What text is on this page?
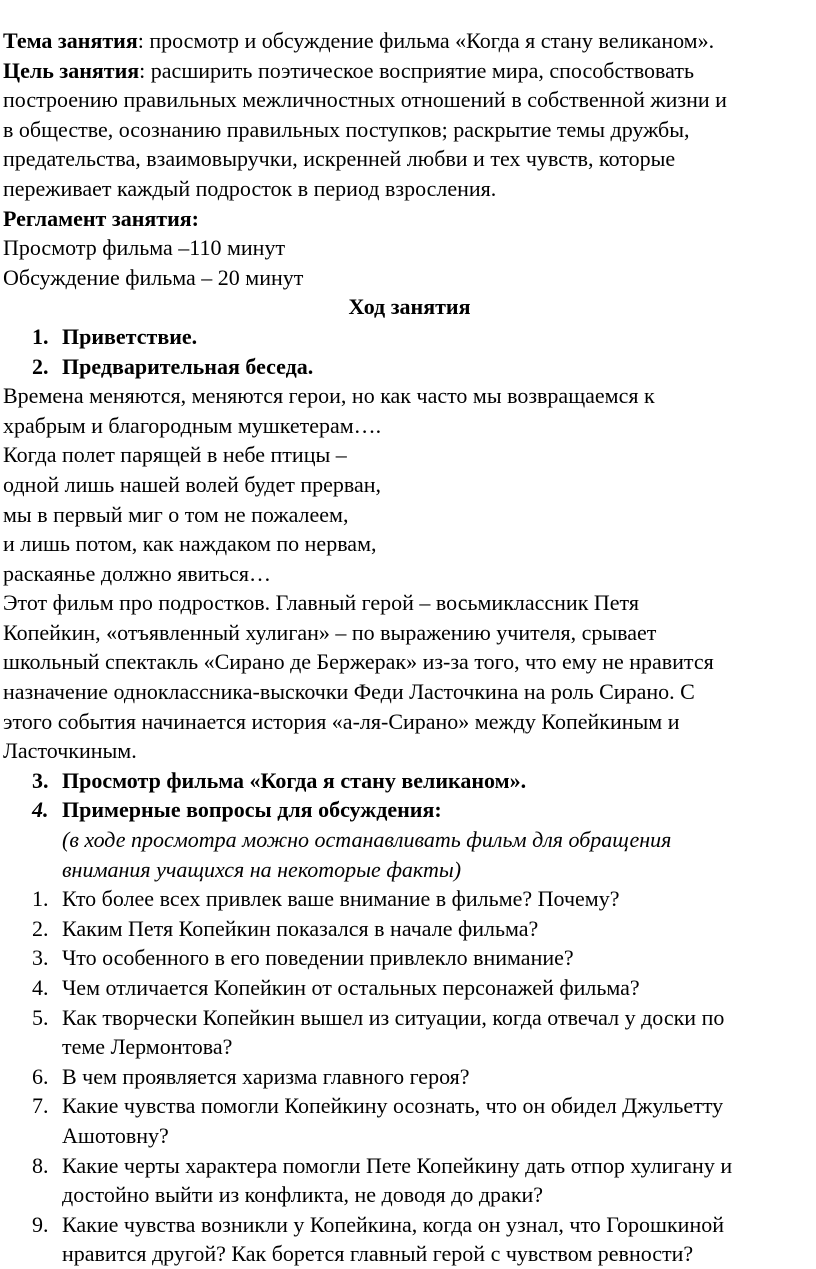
Тема занятия: просмотр и обсуждение фильма «Когда я стану великаном».
Цель занятия: расширить поэтическое восприятие мира, способствовать
построению правильных межличностных отношений в собственной жизни и
в обществе, осознанию правильных поступков; раскрытие темы дружбы,
предательства, взаимовыручки, искренней любви и тех чувств, которые
переживает каждый подросток в период взросления.
Регламент занятия:
Просмотр фильма –110 минут
Обсуждение фильма – 20 минут
Ход занятия
1. Приветствие.
2. Предварительная беседа.
Времена меняются, меняются герои, но как часто мы возвращаемся к
храбрым и благородным мушкетерам….
Когда полет парящей в небе птицы –
одной лишь нашей волей будет прерван,
мы в первый миг о том не пожалеем,
и лишь потом, как наждаком по нервам,
раскаянье должно явиться…
Этот фильм про подростков. Главный герой – восьмиклассник Петя
Копейкин, «отъявленный хулиган» – по выражению учителя, срывает
школьный спектакль «Сирано де Бержерак» из-за того, что ему не нравится
назначение одноклассника-выскочки Феди Ласточкина на роль Сирано. С
этого события начинается история «а-ля-Сирано» между Копейкиным и
Ласточкиным.
3. Просмотр фильма «Когда я стану великаном».
4. Примерные вопросы для обсуждения:
(в ходе просмотра можно останавливать фильм для обращения
внимания учащихся на некоторые факты)
1. Кто более всех привлек ваше внимание в фильме? Почему?
2. Каким Петя Копейкин показался в начале фильма?
3. Что особенного в его поведении привлекло внимание?
4. Чем отличается Копейкин от остальных персонажей фильма?
5. Как творчески Копейкин вышел из ситуации, когда отвечал у доски по
теме Лермонтова?
6. В чем проявляется харизма главного героя?
7. Какие чувства помогли Копейкину осознать, что он обидел Джульетту
Ашотовну?
8. Какие черты характера помогли Пете Копейкину дать отпор хулигану и
достойно выйти из конфликта, не доводя до драки?
9. Какие чувства возникли у Копейкина, когда он узнал, что Горошкиной
нравится другой? Как борется главный герой с чувством ревности?
